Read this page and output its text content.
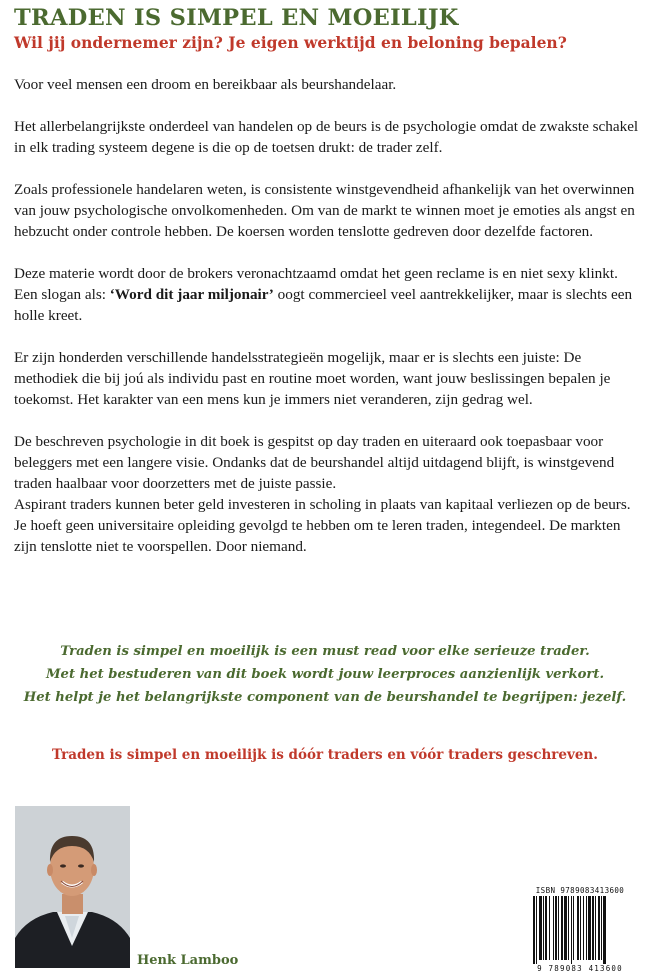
TRADEN IS SIMPEL EN MOEILIJK
Wil jij ondernemer zijn? Je eigen werktijd en beloning bepalen?

Voor veel mensen een droom en bereikbaar als beurshandelaar.

Het allerbelangrijkste onderdeel van handelen op de beurs is de psychologie omdat de zwakste schakel in elk trading systeem degene is die op de toetsen drukt: de trader zelf.

Zoals professionele handelaren weten, is consistente winstgevendheid afhankelijk van het overwinnen van jouw psychologische onvolkomenheden. Om van de markt te winnen moet je emoties als angst en hebzucht onder controle hebben. De koersen worden tenslotte gedreven door dezelfde factoren.

Deze materie wordt door de brokers veronachtzaamd omdat het geen reclame is en niet sexy klinkt. Een slogan als: ‘Word dit jaar miljonair’ oogt commercieel veel aantrekkelijker, maar is slechts een holle kreet.

Er zijn honderden verschillende handelsstrategieën mogelijk, maar er is slechts een juiste: De methodiek die bij joú als individu past en routine moet worden, want jouw beslissingen bepalen je toekomst. Het karakter van een mens kun je immers niet veranderen, zijn gedrag wel.

De beschreven psychologie in dit boek is gespitst op day traden en uiteraard ook toepasbaar voor beleggers met een langere visie. Ondanks dat de beurshandel altijd uitdagend blijft, is winstgevend traden haalbaar voor doorzetters met de juiste passie.

Aspirant traders kunnen beter geld investeren in scholing in plaats van kapitaal verliezen op de beurs. Je hoeft geen universitaire opleiding gevolgd te hebben om te leren traden, integendeel. De markten zijn tenslotte niet te voorspellen. Door niemand.

Traden is simpel en moeilijk is een must read voor elke serieuze trader.
Met het bestuderen van dit boek wordt jouw leerproces aanzienlijk verkort.
Het helpt je het belangrijkste component van de beurshandel te begrijpen: jezelf.
Traden is simpel en moeilijk is dóór traders en vóór traders geschreven.
Henk Lamboo
ISBN 9789083413600
9 789083 413600
